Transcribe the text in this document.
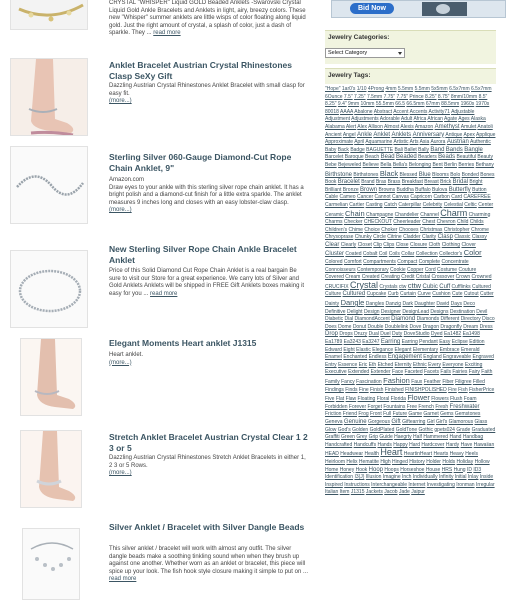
CRYSTAL "WHISPER" Liquid GOLD Beaded Anklets -Swarovski Crystal Liquid Gold Ankle Bracelets and Anklets in light, airy, breezy colors. These new "Whisper" summer anklets are little wisps of color floating along liquid gold. Just the right amount of crystal, a splash of color, just a dash of sparkle. They ... read more
Anklet Bracelet Austrian Crystal Rhinestones Clasp SeXy Gift
Dazzling Austrian Crystal Rhinestones Anklet Bracelet with small clasp for easy fit.
(more...)
Sterling Silver 060-Gauge Diamond-Cut Rope Chain Anklet, 9"
Amazon.com
Draw eyes to your ankle with this sterling silver rope chain anklet. It has a bright polish and a diamond-cut finish for a little extra sparkle. The anklet measures 9 inches long and closes with an easy lobster-claw clasp.
(more...)
New Sterling Silver Rope Chain Ankle Bracelet Anklet
Price of this Solid Diamond Cut Rope Chain Anklet is a real bargain Be sure to visit our Store for a great experience. We carry lots of Silver and Gold Anklets Anklets will be shipped in FREE Gift Anklets boxes making it easy for you ... read more
Elegant Moments Heart anklet J1315
Heart anklet.
(more...)
Stretch Anklet Bracelet Austrian Crystal Clear 1 2 3 or 5
Dazzling Austrian Crystal Rhinestones Stretch Anklet Bracelets in either 1, 2 3 or 5 Rows.
(more...)
Silver Anklet / Bracelet with Silver Dangle Beads
This silver anklet / bracelet will work with almost any outfit. The silver dangle beads make a soothing tinkling sound when when they brush up against one another. Whether worn as an anklet or bracelet, this piece will spice up your look. The fish hook style closure making it simple to put on ... read more
Bid Now
Jewelry Categories:
Select Category
Jewelry Tags:
"Hope" 1ar0's 1/10 4Prong 4mm 5.5mm 5.5mm 5x5mm 6.5x7mm 6.5x7mm 6Ounce 7.5" 7.25" 7.5mm 7.75" 7.75" Prince 8.25" 8.75" 8mm/10mm 8.5" 8.25" 9.4" 9mm 10mm 55.5mm 66.5 66.5mm 67mm 88.5mm 1960s 1970s 80018 AAAA Abalone Abstract Accent Accents Activity71 Adjustable Adjustment Adjustments Adorable Adult Africa African Agate Ages Alaska Alabama Alert Alex Allison Almost Alexis Amazon Amethyst Amulet Anatoli Ancient Angel Ankle Anklet Anklets Anniversary Antique Apex Applique Approximate April Aquamarine Artistic Arts Asia Aurora Austrian Authentic Baby Back Badge BAGUETTE Bali Ballet Bally Band Bands Bangle Barcelet Baroque Beach Bead Beaded Beaders Beads Beautiful Beauty Bebe Bejeweled Believe Bella Bella's Belonging Bent Berlin Berries Bethany Birthstone Birthstones Black Blessed Blue Blooms Bolo Bonded Bones Book Bracelet Brand Bras Brass Breakfast Breast Brick Bridal Bright Brilliant Bronze Brown Browns Buddha Buffalo Bulova Butterfly Button Cable Cameo Cancer Cannot Canvas Capricorn Carbon Card CAREFREE Carmelian Cartier Casting Catch Caterpillar Celebrity Celestial Celtic Center Ceramic Chain Champagne Chandelier Channel Charm Charming Charms Checker CHECKOUT Cheerleader Chest Chevron Child Childs Children's Chime Choice Choker Chooses Christmas Christopher Chrome Chrysoprase Chunky Circle Citrine Cladder Clarity Clasp Classic Classy Clear Clearly Closet Clip Clips Close Closure Cloth Clothing Clover Cluster Coated Cobalt Coil Coils Collar Collection Collector's Color Colored Comfort Compartments Compact Complete Concentrate Connoisseurs Contemporary Cookie Copper Cord Costume Couture Covered Cream Created Creating Credit Cristal Crossover Crown Crowned CRUCIFIX Crystal Crystals ctw cttw Cubic Cuff Cufflinks Cultured Culture Cultured Cupcake Curb Curtain Curve Cushion Cute Cutout Cutter Dainty Dangle Dangles Danzig Dark Daughter David Days Deco Definitive Delight Design Designer DesignLead Designs Destination Devil Diabetic Dial DiamondAccent Diamond Diamonds Different Directory Disco Does Dome Donut Double Doublelink Dove Dragon Dragonfly Dream Dress Drop Drops Druzy Dual Duel Duty DoveStudio Dyed Ea1482 Ea1498 Ea1789 Ea3243 Ea3247 Earring Earring Pendant Easy Eclipse Edition Edward Eight Elastic Elegance Elegant Elementary Embrace Emerald Enamel Enchanted Endless Engagement England Engraveable Engraved Entry Essence Eric Eth Etched Eternity Ethnic Every Everyone Exciting Executive Extended Extender Face Faceted Facets Fails Fairies Fairy Faith Family Fancy Fascination Fashion Faux Feather Fiber Filigree Filled Findings Finds Fine Finish Finished FINISHPOLISHED Fire Fish FisherPrice Five Flat Flaw Floating Floral Florida Flower Flowers Flush Foam Forbidden Forever Forget Fountains Free French Fresh Freshwater Friction Friend Frog Front Full Future Game Garnet Gems Gemstones Geneva Genuine Gorgeous Gift Giftearring Girl Girl's Glamorous Glass Glow God's Golden GoldPlated GoldTone Gothic gpets024 Grade Graduated Graffiti Green Grey Grip Guide Haegrty Half Hammered Hand Handbag Handcrafted Handcuffs Hands Happy Hard Hardcover Hardy Have Hawaiian HEAD Headwear Health Heart HeartinHeart Hearts Heavy Heels Heirloom Helix Hematite High Hinged History Holder Holds Holiday Hollow Home Honey Hook Hoop Hoops Horseshoe House HRS Hung ID ID3 Identification I3(J) Illusion Imagine Inch Individually Infinity Initial Inlay Inside Inspired Instructions Interchangeable Internet Investigating Ironman Irregular Italian Item J1315 Jackets Jacob Jade Jaipur
